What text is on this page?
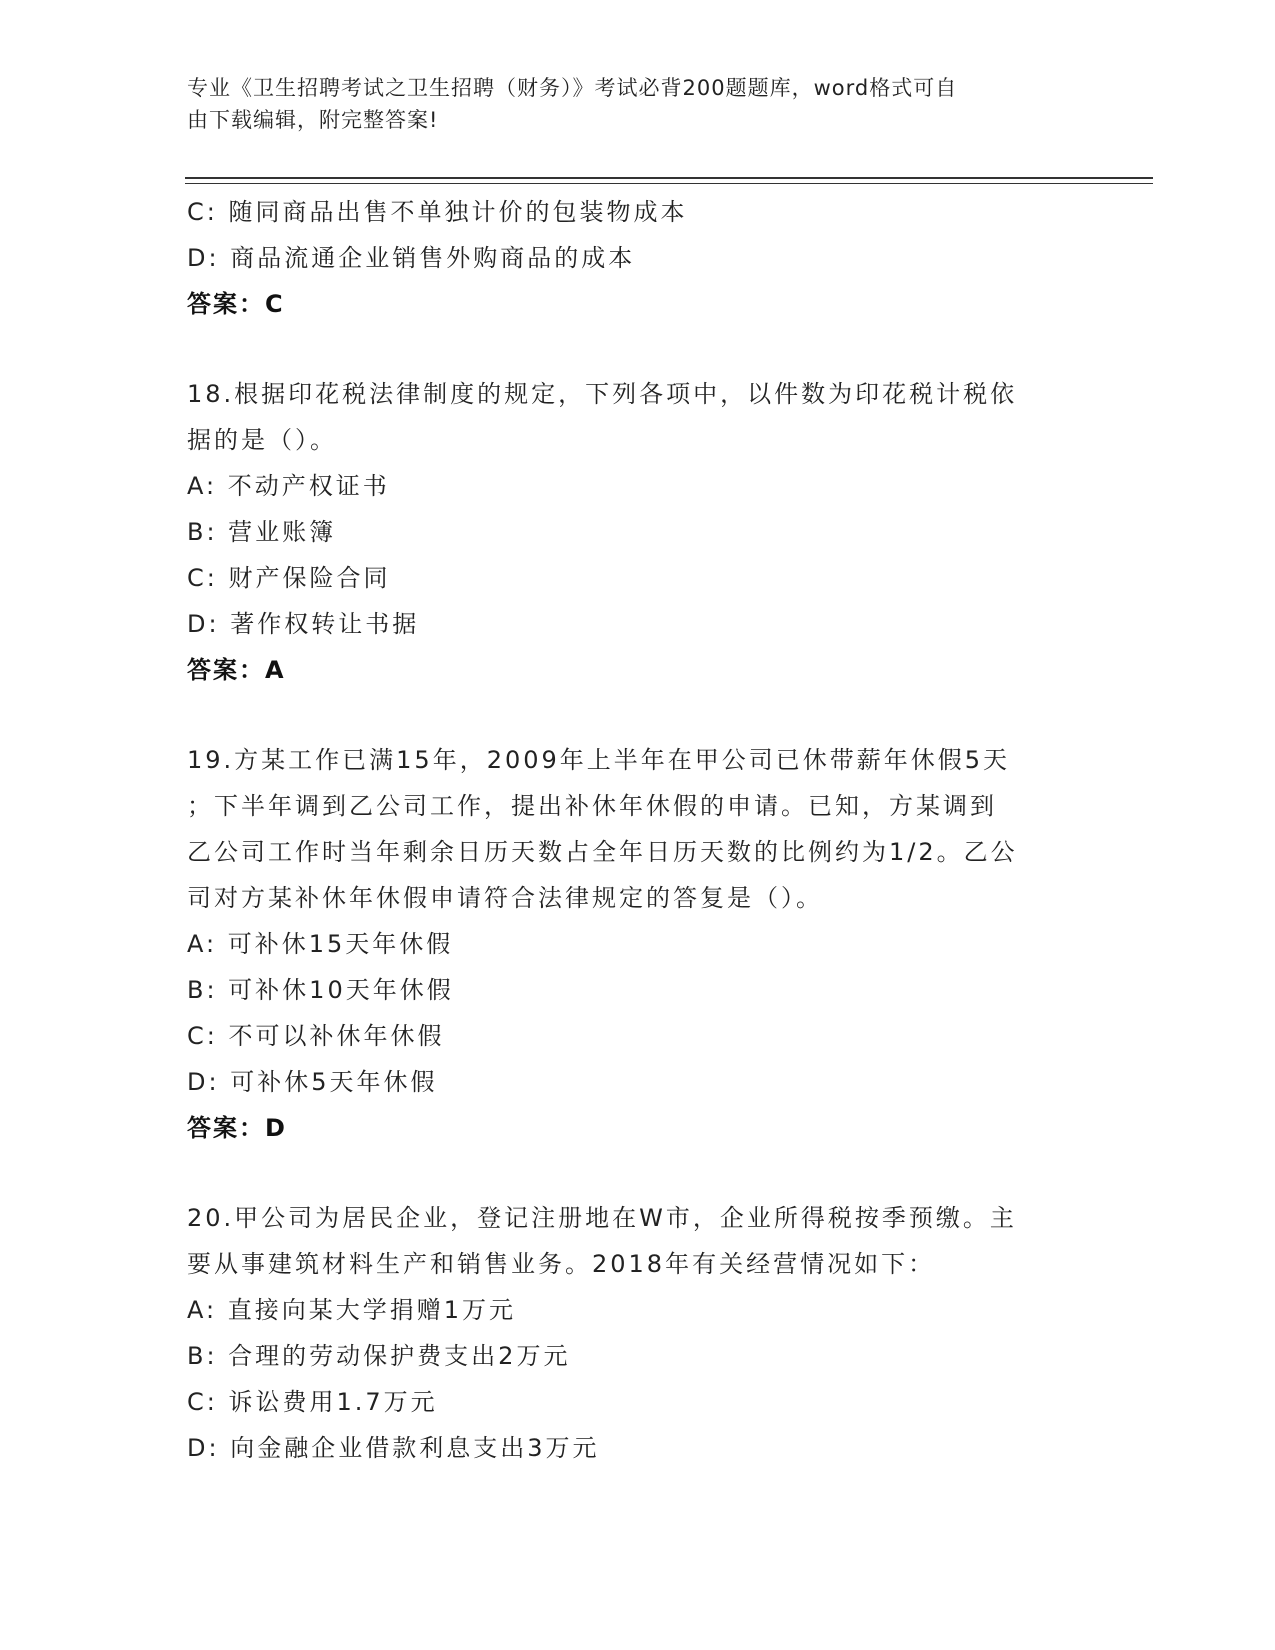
专业《卫生招聘考试之卫生招聘（财务）》考试必背200题题库，word格式可自
由下载编辑，附完整答案!
C: 随同商品出售不单独计价的包装物成本
D: 商品流通企业销售外购商品的成本
答案：C
18.根据印花税法律制度的规定，下列各项中，以件数为印花税计税依
据的是（）。
A: 不动产权证书
B: 营业账簿
C: 财产保险合同
D: 著作权转让书据
答案：A
19.方某工作已满15年，2009年上半年在甲公司已休带薪年休假5天
；下半年调到乙公司工作，提出补休年休假的申请。已知，方某调到
乙公司工作时当年剩余日历天数占全年日历天数的比例约为1/2。乙公
司对方某补休年休假申请符合法律规定的答复是（）。
A: 可补休15天年休假
B: 可补休10天年休假
C: 不可以补休年休假
D: 可补休5天年休假
答案：D
20.甲公司为居民企业，登记注册地在W市，企业所得税按季预缴。主
要从事建筑材料生产和销售业务。2018年有关经营情况如下：
A: 直接向某大学捐赠1万元
B: 合理的劳动保护费支出2万元
C: 诉讼费用1.7万元
D: 向金融企业借款利息支出3万元
